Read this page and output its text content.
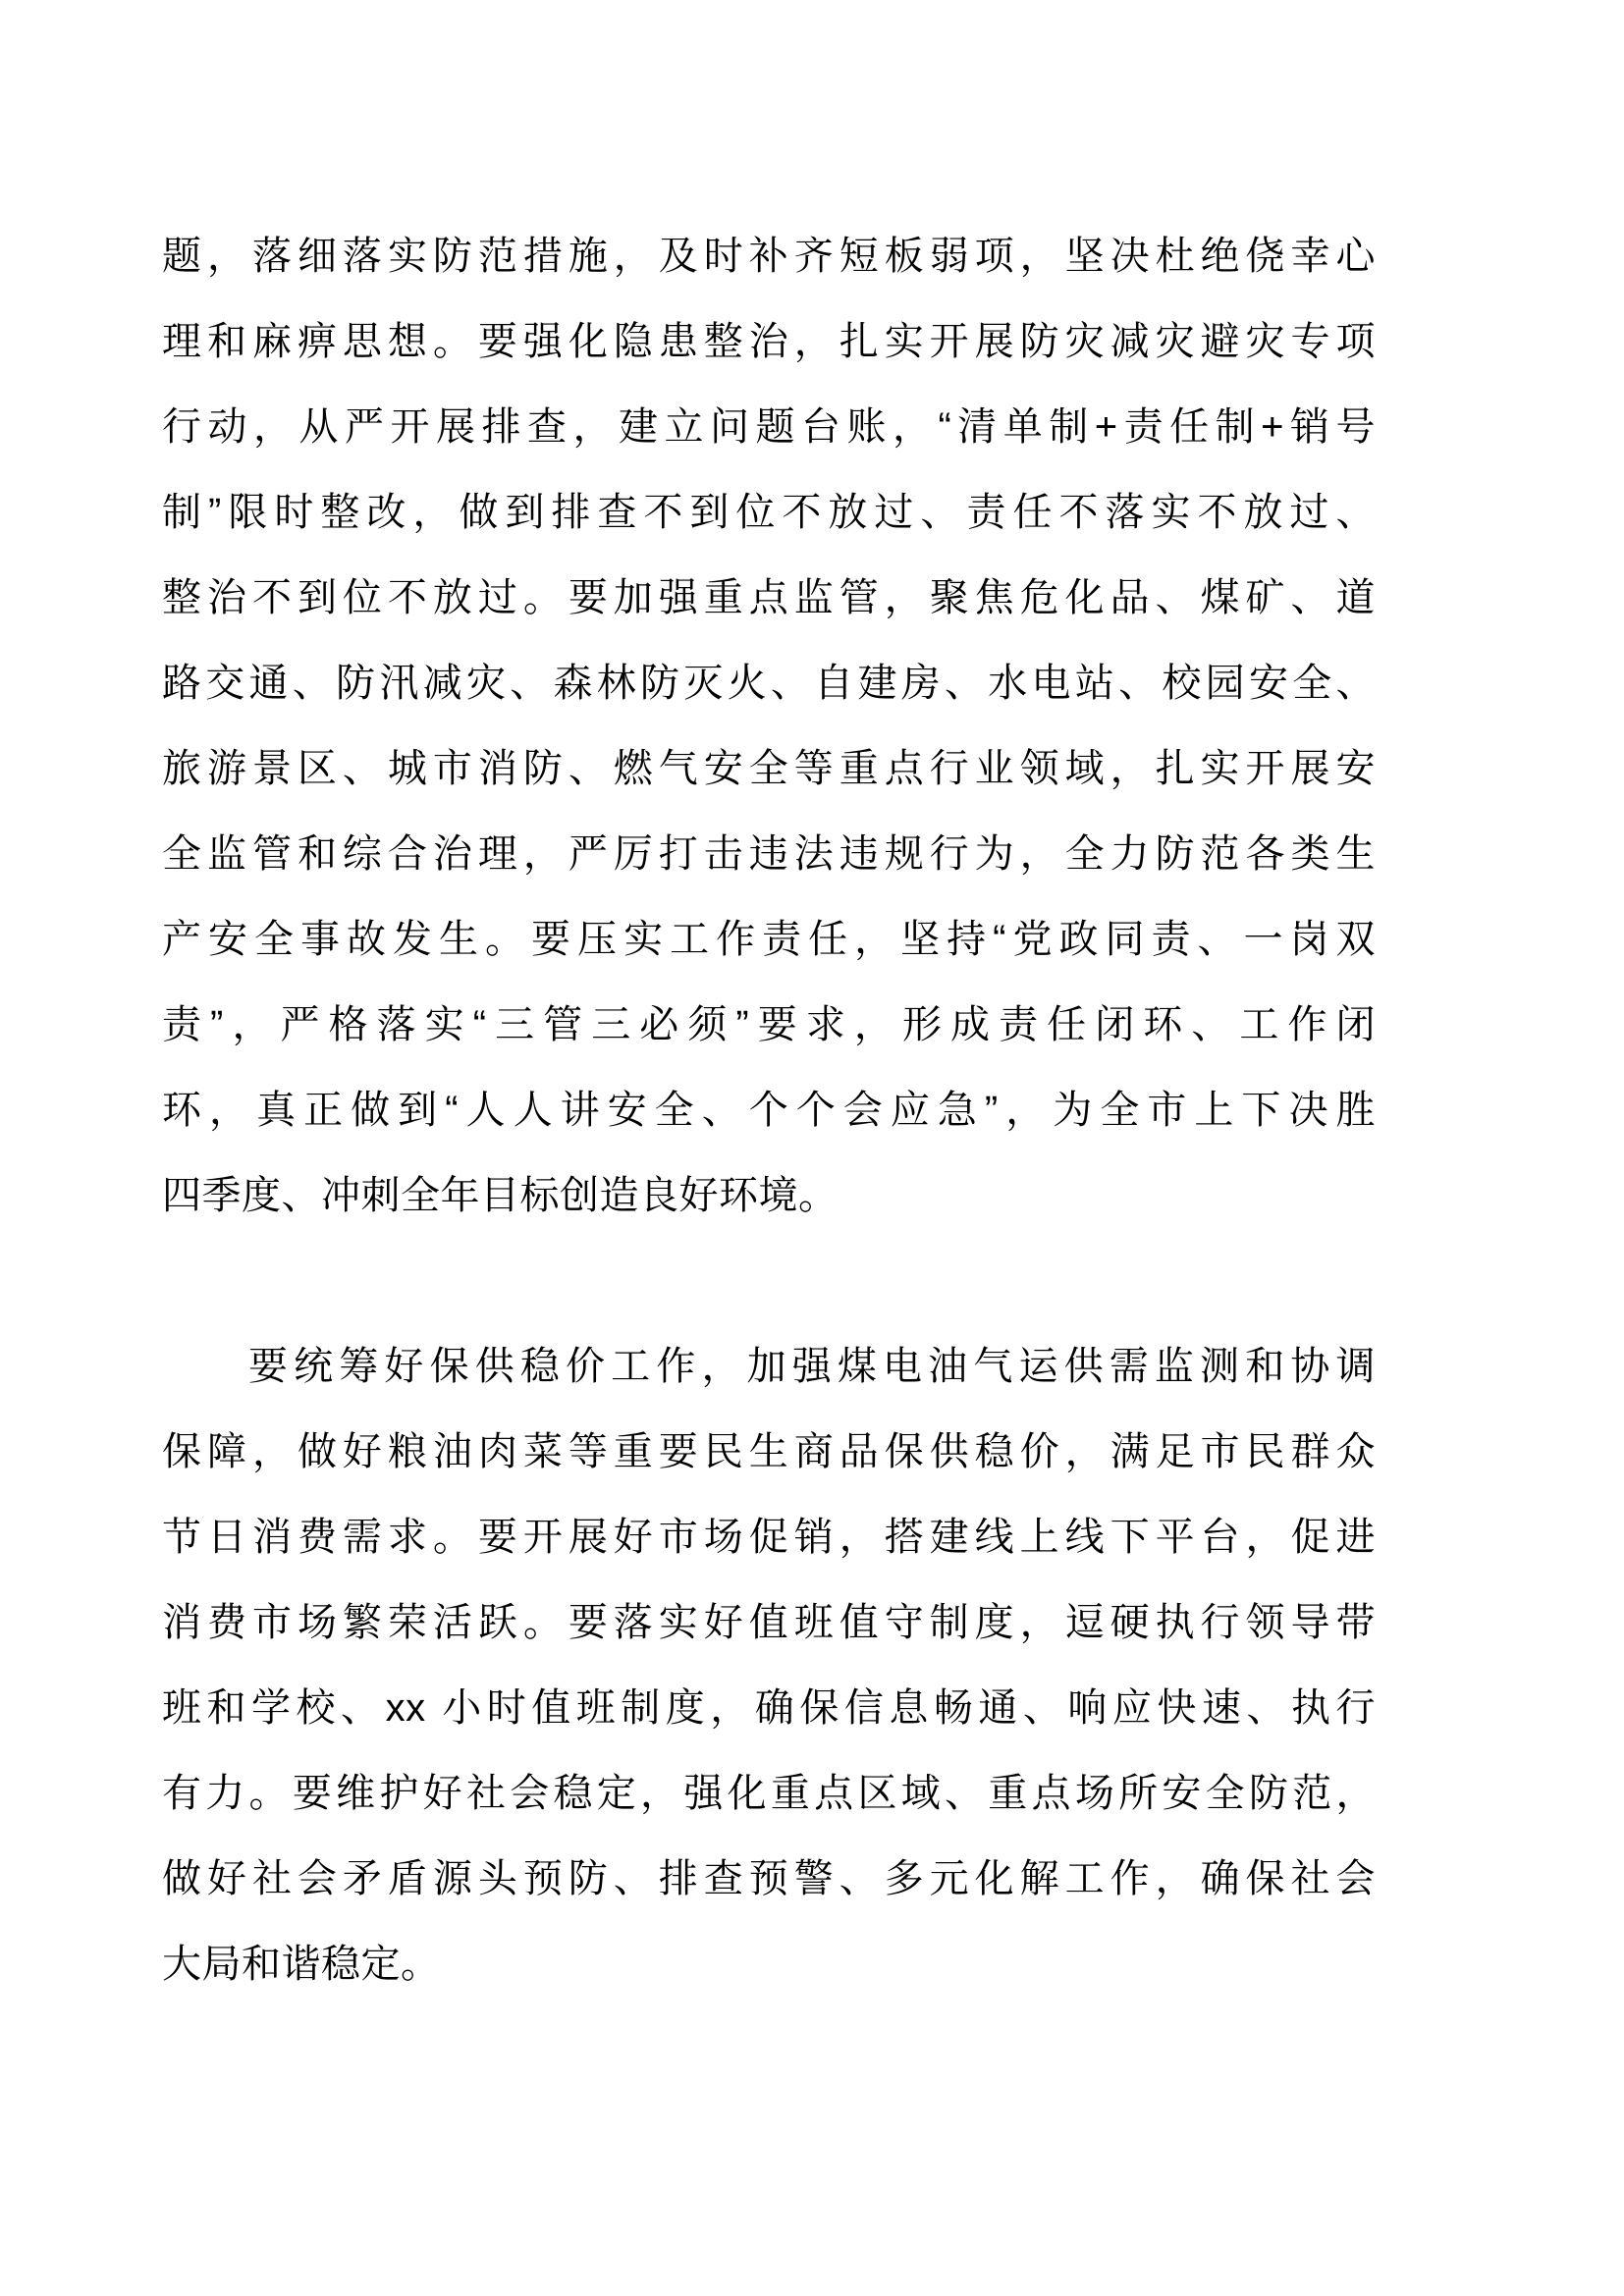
题，落细落实防范措施，及时补齐短板弱项，坚决杜绝侥幸心
理和麻痹思想。要强化隐患整治，扎实开展防灾减灾避灾专项
行动，从严开展排查，建立问题台账，“清单制+责任制+销号
制”限时整改，做到排查不到位不放过、责任不落实不放过、
整治不到位不放过。要加强重点监管，聚焦危化品、煤矿、道
路交通、防汛减灾、森林防灭火、自建房、水电站、校园安全、
旅游景区、城市消防、燃气安全等重点行业领域，扎实开展安
全监管和综合治理，严厉打击违法违规行为，全力防范各类生
产安全事故发生。要压实工作责任，坚持“党政同责、一岗双
责”，严格落实“三管三必须”要求，形成责任闭环、工作闭
环，真正做到“人人讲安全、个个会应急”，为全市上下决胜
四季度、冲刺全年目标创造良好环境。
要统筹好保供稳价工作，加强煤电油气运供需监测和协调
保障，做好粮油肉菜等重要民生商品保供稳价，满足市民群众
节日消费需求。要开展好市场促销，搭建线上线下平台，促进
消费市场繁荣活跃。要落实好值班值守制度，逗硬执行领导带
班和学校、xx 小时值班制度，确保信息畅通、响应快速、执行
有力。要维护好社会稳定，强化重点区域、重点场所安全防范，
做好社会矛盾源头预防、排查预警、多元化解工作，确保社会
大局和谐稳定。
